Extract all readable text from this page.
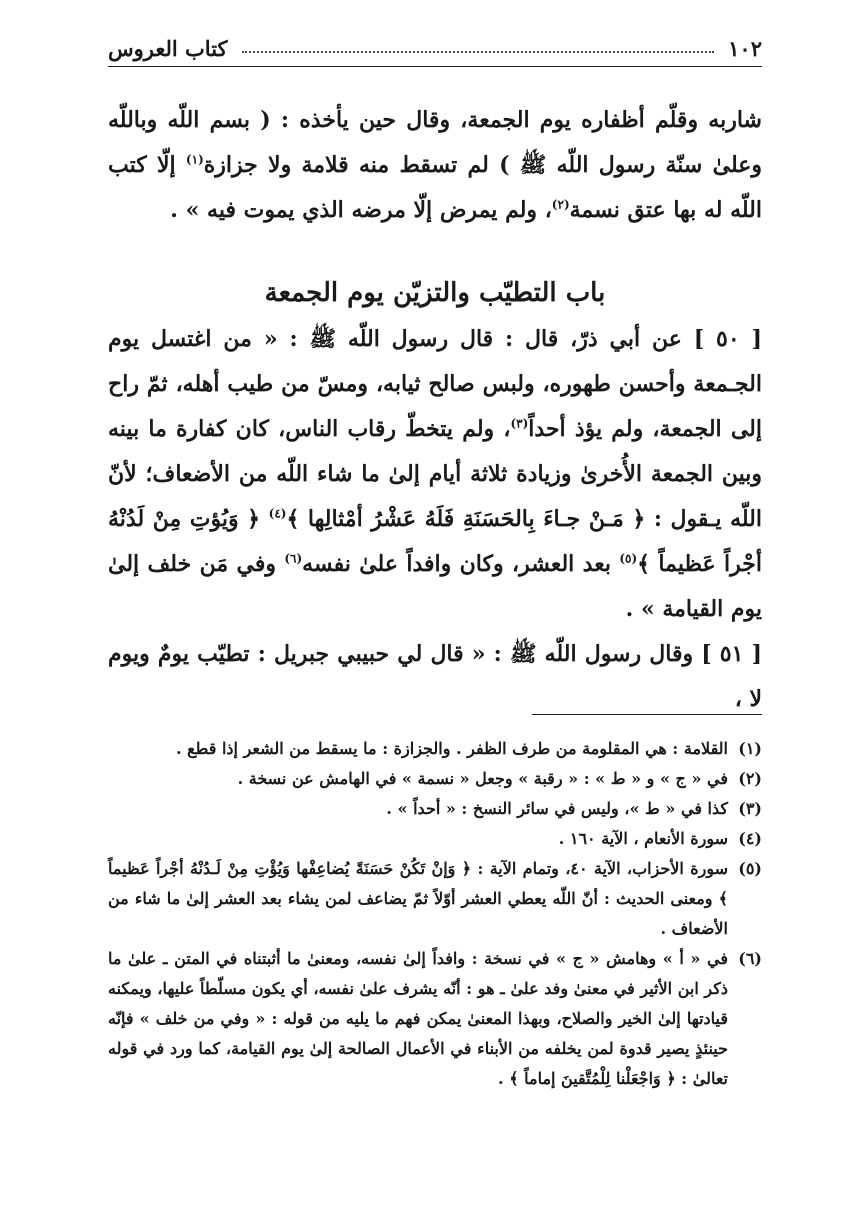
١٠٢
كتاب العروس

شاربه وقلّم أظفاره يوم الجمعة، وقال حين يأخذه : ( بسم اللّه وباللّه وعلىٰ سنّة رسول اللّه ﷺ ) لم تسقط منه قلامة ولا جزازة$^{(١)}$ إلّا كتب اللّه له بها عتق نسمة$^{(٢)}$، ولم يمرض إلّا مرضه الذي يموت فيه » .

باب التطيّب والتزيّن يوم الجمعة

[ ٥٠ ] عن أبي ذرّ، قال : قال رسول اللّه ﷺ : « من اغتسل يوم الجـمعة وأحسن طهوره، ولبس صالح ثيابه، ومسّ من طيب أهله، ثمّ راح إلى الجمعة، ولم يؤذ أحداً$^{(٣)}$، ولم يتخطّ رقاب الناس، كان كفارة ما بينه وبين الجمعة الأُخرىٰ وزيادة ثلاثة أيام إلىٰ ما شاء اللّه من الأضعاف؛ لأنّ اللّه يـقول : ﴿ مَـنْ جـاءَ بِالحَسَنَةِ فَلَهُ عَشْرُ أمْثالِها ﴾$^{(٤)}$ ﴿ وَيُؤتِ مِنْ لَدُنْهُ أجْراً عَظيماً ﴾$^{(٥)}$ بعد العشر، وكان وافداً علىٰ نفسه$^{(٦)}$ وفي مَن خلف إلىٰ يوم القيامة » .

[ ٥١ ] وقال رسول اللّه ﷺ : « قال لي حبيبي جبريل : تطيّب يومٌ ويوم لا ،

(١)
القلامة : هي المقلومة من طرف الظفر . والجزازة : ما يسقط من الشعر إذا قطع .
(٢)
في « ج » و « ط » : « رقبة » وجعل « نسمة » في الهامش عن نسخة .
(٣)
كذا في « ط »، وليس في سائر النسخ : « أحداً » .
(٤)
سورة الأنعام ، الآية ١٦٠ .
(٥)
سورة الأحزاب، الآية ٤٠، وتمام الآية : ﴿ وَإنْ تَكُنْ حَسَنَةً يُضاعِفْها وَيُؤْتِ مِنْ لَـدُنْهُ أجْراً عَظيماً ﴾ ومعنى الحديث : أنّ اللّه يعطي العشر أوّلاً ثمّ يضاعف لمن يشاء بعد العشر إلىٰ ما شاء من الأضعاف .
(٦)
في « أ » وهامش « ج » في نسخة : وافداً إلىٰ نفسه، ومعنىٰ ما أثبتناه في المتن ـ علىٰ ما ذكر ابن الأثير في معنىٰ وفد علىٰ ـ هو : أنّه يشرف علىٰ نفسه، أي يكون مسلّطاً عليها، ويمكنه قيادتها إلىٰ الخير والصلاح، وبهذا المعنىٰ يمكن فهم ما يليه من قوله : « وفي من خلف » فإنّه حينئذٍ يصير قدوة لمن يخلفه من الأبناء في الأعمال الصالحة إلىٰ يوم القيامة، كما ورد في قوله تعالىٰ : ﴿ وَاجْعَلْنا لِلْمُتَّقينَ إماماً ﴾ .
